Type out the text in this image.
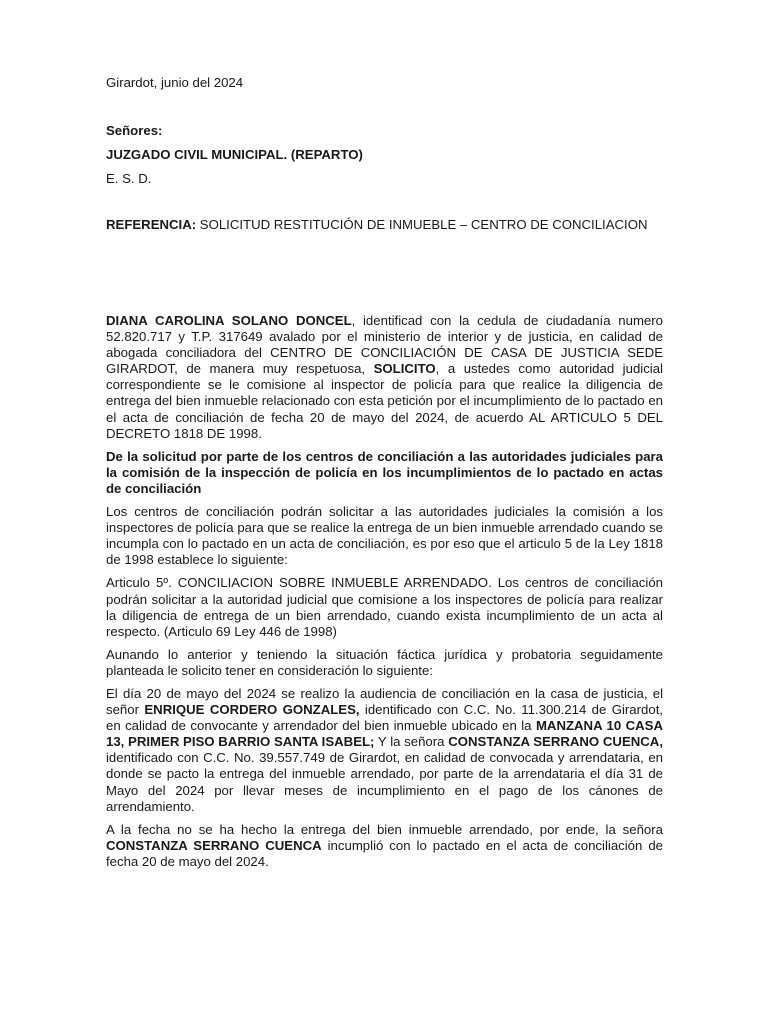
Girardot, junio del 2024

Señores:

JUZGADO CIVIL MUNICIPAL. (REPARTO)

E. S. D.

REFERENCIA: SOLICITUD RESTITUCIÓN DE INMUEBLE – CENTRO DE CONCILIACION

DIANA CAROLINA SOLANO DONCEL, identificad con la cedula de ciudadanía numero 52.820.717 y T.P. 317649 avalado por el ministerio de interior y de justicia, en calidad de abogada conciliadora del CENTRO DE CONCILIACIÓN DE CASA DE JUSTICIA SEDE GIRARDOT, de manera muy respetuosa, SOLICITO, a ustedes como autoridad judicial correspondiente se le comisione al inspector de policía para que realice la diligencia de entrega del bien inmueble relacionado con esta petición por el incumplimiento de lo pactado en el acta de conciliación de fecha 20 de mayo del 2024, de acuerdo AL ARTICULO 5 DEL DECRETO 1818 DE 1998.

De la solicitud por parte de los centros de conciliación a las autoridades judiciales para la comisión de la inspección de policía en los incumplimientos de lo pactado en actas de conciliación

Los centros de conciliación podrán solicitar a las autoridades judiciales la comisión a los inspectores de policía para que se realice la entrega de un bien inmueble arrendado cuando se incumpla con lo pactado en un acta de conciliación, es por eso que el articulo 5 de la Ley 1818 de 1998 establece lo siguiente:

Articulo 5º. CONCILIACION SOBRE INMUEBLE ARRENDADO. Los centros de conciliación podrán solicitar a la autoridad judicial que comisione a los inspectores de policía para realizar la diligencia de entrega de un bien arrendado, cuando exista incumplimiento de un acta al respecto. (Articulo 69 Ley 446 de 1998)

Aunando lo anterior y teniendo la situación fáctica jurídica y probatoria seguidamente planteada le solicito tener en consideración lo siguiente:

El día 20 de mayo del 2024 se realizo la audiencia de conciliación en la casa de justicia, el señor ENRIQUE CORDERO GONZALES, identificado con C.C. No. 11.300.214 de Girardot, en calidad de convocante y arrendador del bien inmueble ubicado en la MANZANA 10 CASA 13, PRIMER PISO BARRIO SANTA ISABEL; Y la señora CONSTANZA SERRANO CUENCA, identificado con C.C. No. 39.557.749 de Girardot, en calidad de convocada y arrendataria, en donde se pacto la entrega del inmueble arrendado, por parte de la arrendataria el día 31 de Mayo del 2024 por llevar meses de incumplimiento en el pago de los cánones de arrendamiento.

A la fecha no se ha hecho la entrega del bien inmueble arrendado, por ende, la señora CONSTANZA SERRANO CUENCA incumplió con lo pactado en el acta de conciliación de fecha 20 de mayo del 2024.
